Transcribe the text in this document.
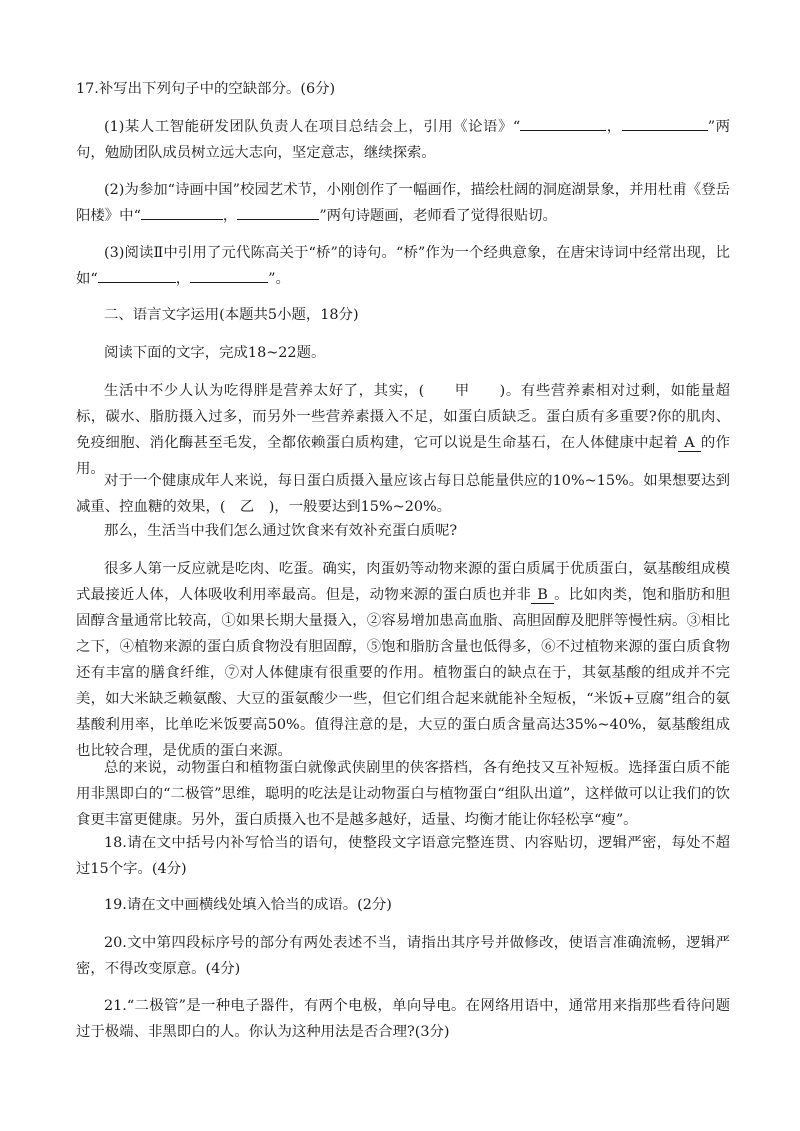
17.补写出下列句子中的空缺部分。(6分)

(1)某人工智能研发团队负责人在项目总结会上，引用《论语》“	，	”两句，勉励团队成员树立远大志向，坚定意志，继续探索。

(2)为参加“诗画中国”校园艺术节，小刚创作了一幅画作，描绘杜阔的洞庭湖景象，并用杜甫《登岳阳楼》中“	，	”两句诗题画，老师看了觉得很贴切。

(3)阅读Ⅱ中引用了元代陈高关于“桥”的诗句。“桥”作为一个经典意象，在唐宋诗词中经常出现，比如“	，	”。

二、语言文字运用(本题共5小题，18分)

阅读下面的文字，完成18~22题。

生活中不少人认为吃得胖是营养太好了，其实，(　　甲　　)。有些营养素相对过剩，如能量超标，碳水、脂肪摄入过多，而另外一些营养素摄入不足，如蛋白质缺乏。蛋白质有多重要?你的肌肉、免疫细胞、消化酶甚至毛发，全都依赖蛋白质构建，它可以说是生命基石，在人体健康中起着 A 的作用。

对于一个健康成年人来说，每日蛋白质摄入量应该占每日总能量供应的10%~15%。如果想要达到减重、控血糖的效果，(　乙　)，一般要达到15%~20%。

那么，生活当中我们怎么通过饮食来有效补充蛋白质呢?

很多人第一反应就是吃肉、吃蛋。确实，肉蛋奶等动物来源的蛋白质属于优质蛋白，氨基酸组成模式最接近人体，人体吸收利用率最高。但是，动物来源的蛋白质也并非 B 。比如肉类，饱和脂肪和胆固醇含量通常比较高，①如果长期大量摄入，②容易增加患高血脂、高胆固醇及肥胖等慢性病。③相比之下，④植物来源的蛋白质食物没有胆固醇，⑤饱和脂肪含量也低得多，⑥不过植物来源的蛋白质食物还有丰富的膳食纤维，⑦对人体健康有很重要的作用。植物蛋白的缺点在于，其氨基酸的组成并不完美，如大米缺乏赖氨酸、大豆的蛋氨酸少一些，但它们组合起来就能补全短板，“米饭+豆腐”组合的氨基酸利用率，比单吃米饭要高50%。值得注意的是，大豆的蛋白质含量高达35%~40%，氨基酸组成也比较合理，是优质的蛋白来源。

总的来说，动物蛋白和植物蛋白就像武侠剧里的侠客搭档，各有绝技又互补短板。选择蛋白质不能用非黑即白的“二极管”思维，聪明的吃法是让动物蛋白与植物蛋白“组队出道”，这样做可以让我们的饮食更丰富更健康。另外，蛋白质摄入也不是越多越好，适量、均衡才能让你轻松享“瘦”。

18.请在文中括号内补写恰当的语句，使整段文字语意完整连贯、内容贴切，逻辑严密，每处不超过15个字。(4分)

19.请在文中画横线处填入恰当的成语。(2分)

20.文中第四段标序号的部分有两处表述不当，请指出其序号并做修改，使语言准确流畅，逻辑严密，不得改变原意。(4分)

21.“二极管”是一种电子器件，有两个电极，单向导电。在网络用语中，通常用来指那些看待问题过于极端、非黑即白的人。你认为这种用法是否合理?(3分)
